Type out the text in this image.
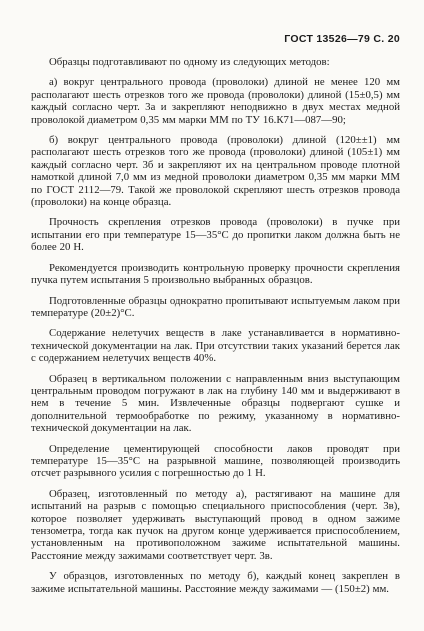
ГОСТ 13526—79 С. 20

Образцы подготавливают по одному из следующих методов:

а) вокруг центрального провода (проволоки) длиной не менее 120 мм располагают шесть отрезков того же провода (проволоки) длиной (15±0,5) мм каждый согласно черт. 3а и закрепляют неподвижно в двух местах медной проволокой диаметром 0,35 мм марки ММ по ТУ 16.К71—087—90;

б) вокруг центрального провода (проволоки) длиной (120±±1) мм располагают шесть отрезков того же провода (проволоки) длиной (105±1) мм каждый согласно черт. 3б и закрепляют их на центральном проводе плотной намоткой длиной 7,0 мм из медной проволоки диаметром 0,35 мм марки ММ по ГОСТ 2112—79. Такой же проволокой скрепляют шесть отрезков провода (проволоки) на конце образца.

Прочность скрепления отрезков провода (проволоки) в пучке при испытании его при температуре 15—35°С до пропитки лаком должна быть не более 20 Н.

Рекомендуется производить контрольную проверку прочности скрепления пучка путем испытания 5 произвольно выбранных образцов.

Подготовленные образцы однократно пропитывают испытуемым лаком при температуре (20±2)°С.

Содержание нелетучих веществ в лаке устанавливается в нормативно-технической документации на лак. При отсутствии таких указаний берется лак с содержанием нелетучих веществ 40%.

Образец в вертикальном положении с направленным вниз выступающим центральным проводом погружают в лак на глубину 140 мм и выдерживают в нем в течение 5 мин. Извлеченные образцы подвергают сушке и дополнительной термообработке по режиму, указанному в нормативно-технической документации на лак.

Определение цементирующей способности лаков проводят при температуре 15—35°С на разрывной машине, позволяющей производить отсчет разрывного усилия с погрешностью до 1 Н.

Образец, изготовленный по методу а), растягивают на машине для испытаний на разрыв с помощью специального приспособления (черт. 3в), которое позволяет удерживать выступающий провод в одном зажиме тензометра, тогда как пучок на другом конце удерживается приспособлением, установленным на противоположном зажиме испытательной машины. Расстояние между зажимами соответствует черт. 3в.

У образцов, изготовленных по методу б), каждый конец закреплен в зажиме испытательной машины. Расстояние между зажимами — (150±2) мм.
